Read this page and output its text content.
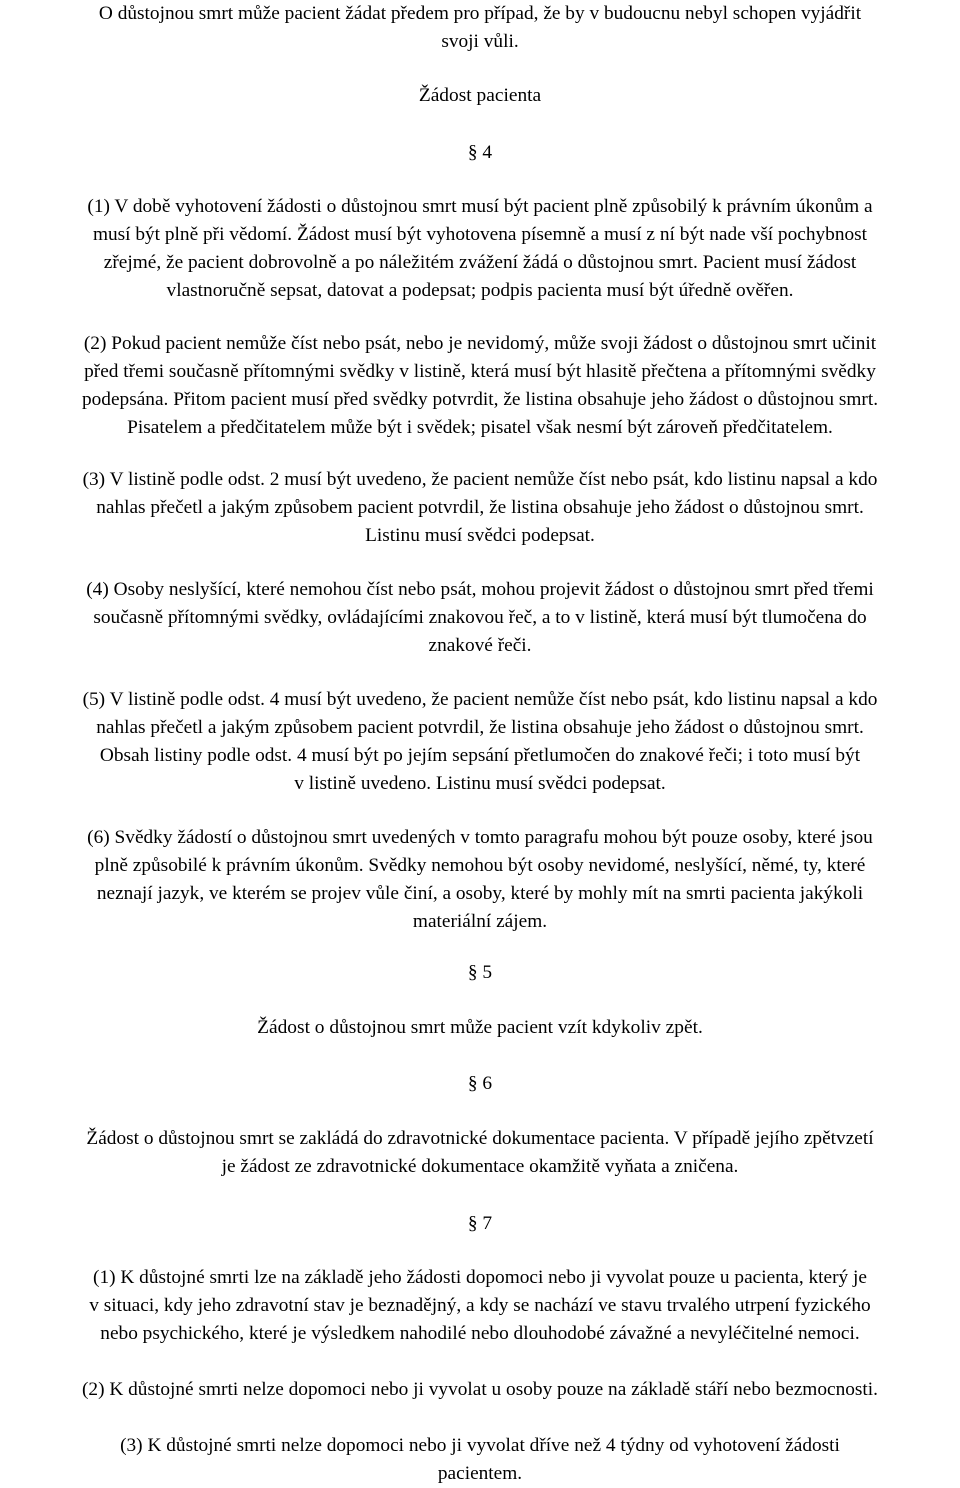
O důstojnou smrt může pacient žádat předem pro případ, že by v budoucnu nebyl schopen vyjádřit
svoji vůli.
Žádost pacienta
§ 4
(1) V době vyhotovení žádosti o důstojnou smrt musí být pacient plně způsobilý k právním úkonům a
musí být plně při vědomí. Žádost musí být vyhotovena písemně a musí z ní být nade vší pochybnost
zřejmé, že pacient dobrovolně a po náležitém zvážení žádá o důstojnou smrt. Pacient musí žádost
vlastnoručně sepsat, datovat a podepsat; podpis pacienta musí být úředně ověřen.
(2) Pokud pacient nemůže číst nebo psát, nebo je nevidomý, může svoji žádost o důstojnou smrt učinit
před třemi současně přítomnými svědky v listině, která musí být hlasitě přečtena a přítomnými svědky
podepsána. Přitom pacient musí před svědky potvrdit, že listina obsahuje jeho žádost o důstojnou smrt.
Pisatelem a předčitatelem může být i svědek; pisatel však nesmí být zároveň předčitatelem.
(3) V listině podle odst. 2 musí být uvedeno, že pacient nemůže číst nebo psát, kdo listinu napsal a kdo
nahlas přečetl a jakým způsobem pacient potvrdil, že listina obsahuje jeho žádost o důstojnou smrt.
Listinu musí svědci podepsat.
(4) Osoby neslyšící, které nemohou číst nebo psát, mohou projevit žádost o důstojnou smrt před třemi
současně přítomnými svědky, ovládajícími znakovou řeč, a to v listině, která musí být tlumočena do
znakové řeči.
(5) V listině podle odst. 4 musí být uvedeno, že pacient nemůže číst nebo psát, kdo listinu napsal a kdo
nahlas přečetl a jakým způsobem pacient potvrdil, že listina obsahuje jeho žádost o důstojnou smrt.
Obsah listiny podle odst. 4 musí být po jejím sepsání přetlumočen do znakové řeči; i toto musí být
v listině uvedeno. Listinu musí svědci podepsat.
(6) Svědky žádostí o důstojnou smrt uvedených v tomto paragrafu mohou být pouze osoby, které jsou
plně způsobilé k právním úkonům. Svědky nemohou být osoby nevidomé, neslyšící, němé, ty, které
neznají jazyk, ve kterém se projev vůle činí, a osoby, které by mohly mít na smrti pacienta jakýkoli
materiální zájem.
§ 5
Žádost o důstojnou smrt může pacient vzít kdykoliv zpět.
§ 6
Žádost o důstojnou smrt se zakládá do zdravotnické dokumentace pacienta. V případě jejího zpětvzetí
je žádost ze zdravotnické dokumentace okamžitě vyňata a zničena.
§ 7
(1) K důstojné smrti lze na základě jeho žádosti dopomoci nebo ji vyvolat pouze u pacienta, který je
v situaci, kdy jeho zdravotní stav je beznadějný, a kdy se nachází ve stavu trvalého utrpení fyzického
nebo psychického, které je výsledkem nahodilé nebo dlouhodobé závažné a nevyléčitelné nemoci.
(2) K důstojné smrti nelze dopomoci nebo ji vyvolat u osoby pouze na základě stáří nebo bezmocnosti.
(3) K důstojné smrti nelze dopomoci nebo ji vyvolat dříve než 4 týdny od vyhotovení žádosti
pacientem.
